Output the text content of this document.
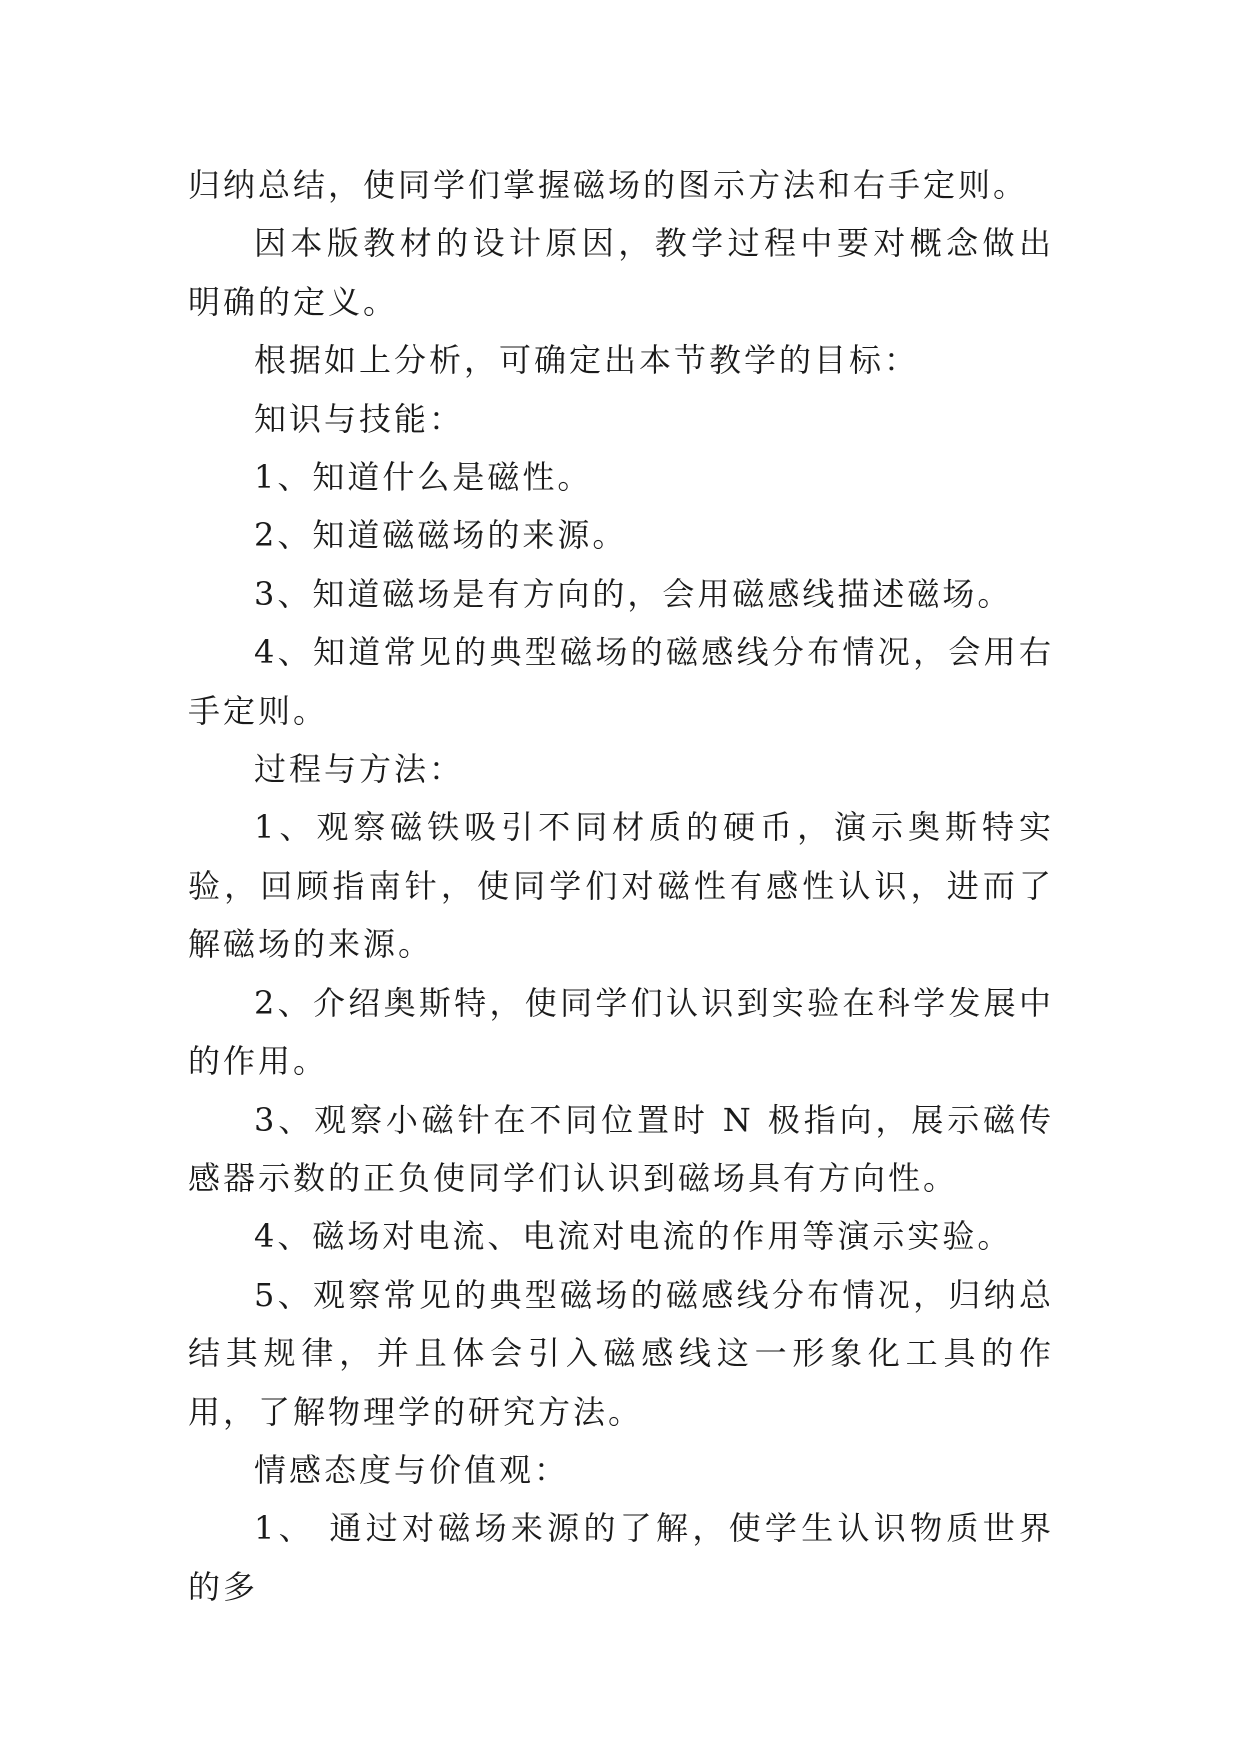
归纳总结，使同学们掌握磁场的图示方法和右手定则。

因本版教材的设计原因，教学过程中要对概念做出明确的定义。

根据如上分析，可确定出本节教学的目标：

知识与技能：

1、知道什么是磁性。

2、知道磁磁场的来源。

3、知道磁场是有方向的，会用磁感线描述磁场。

4、知道常见的典型磁场的磁感线分布情况，会用右手定则。

过程与方法：

1、观察磁铁吸引不同材质的硬币，演示奥斯特实验，回顾指南针，使同学们对磁性有感性认识，进而了解磁场的来源。

2、介绍奥斯特，使同学们认识到实验在科学发展中的作用。

3、观察小磁针在不同位置时 N 极指向，展示磁传感器示数的正负使同学们认识到磁场具有方向性。

4、磁场对电流、电流对电流的作用等演示实验。

5、观察常见的典型磁场的磁感线分布情况，归纳总结其规律，并且体会引入磁感线这一形象化工具的作用，了解物理学的研究方法。

情感态度与价值观：

1、 通过对磁场来源的了解，使学生认识物质世界的多
